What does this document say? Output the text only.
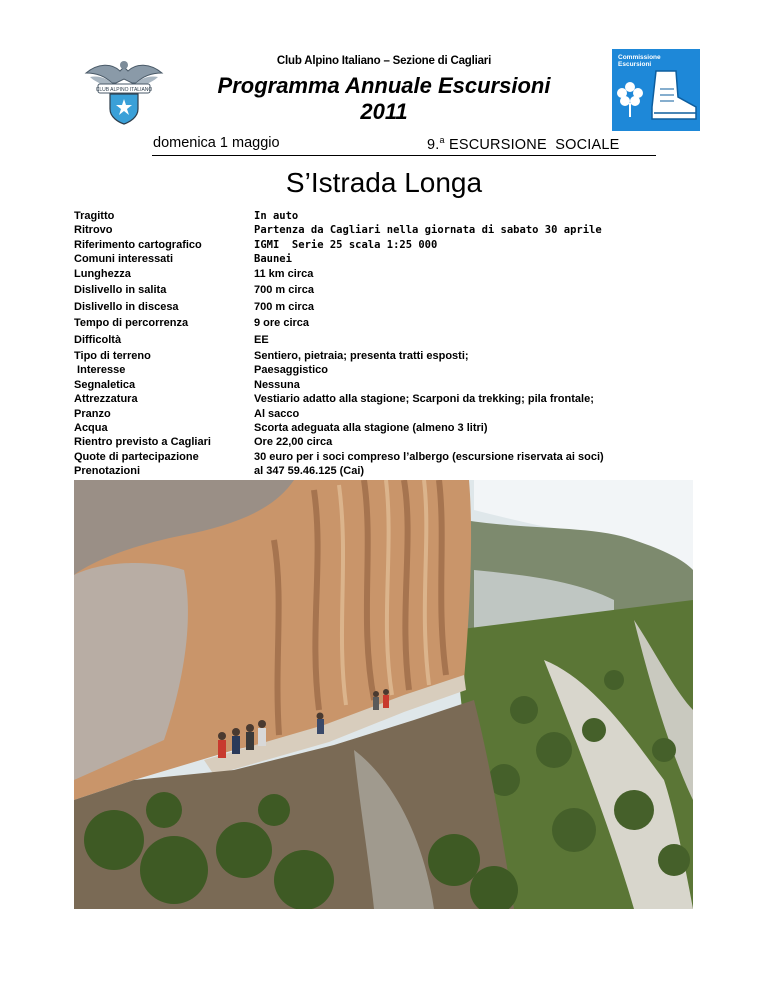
CLUB ALPINO ITALIANO
Commissione
Escursioni
Club Alpino Italiano – Sezione di Cagliari
Programma Annuale Escursioni
2011
domenica 1 maggio	9.$^a$ ESCURSIONE  SOCIALE
S’Istrada Longa
Tragitto	In auto
Ritrovo	Partenza da Cagliari nella giornata di sabato 30 aprile
Riferimento cartografico	IGMI  Serie 25 scala 1:25 000
Comuni interessati	Baunei
Lunghezza	11 km circa
Dislivello in salita	700 m circa
Dislivello in discesa	700 m circa
Tempo di percorrenza	9 ore circa
Difficoltà	EE
Tipo di terreno	Sentiero, pietraia; presenta tratti esposti;
Interesse	Paesaggistico
Segnaletica	Nessuna
Attrezzatura	Vestiario adatto alla stagione; Scarponi da trekking; pila frontale;
Pranzo	Al sacco
Acqua	Scorta adeguata alla stagione (almeno 3 litri)
Rientro previsto a Cagliari	Ore 22,00 circa
Quote di partecipazione	30 euro per i soci compreso l’albergo (escursione riservata ai soci)
Prenotazioni	al 347 59.46.125 (Cai)
